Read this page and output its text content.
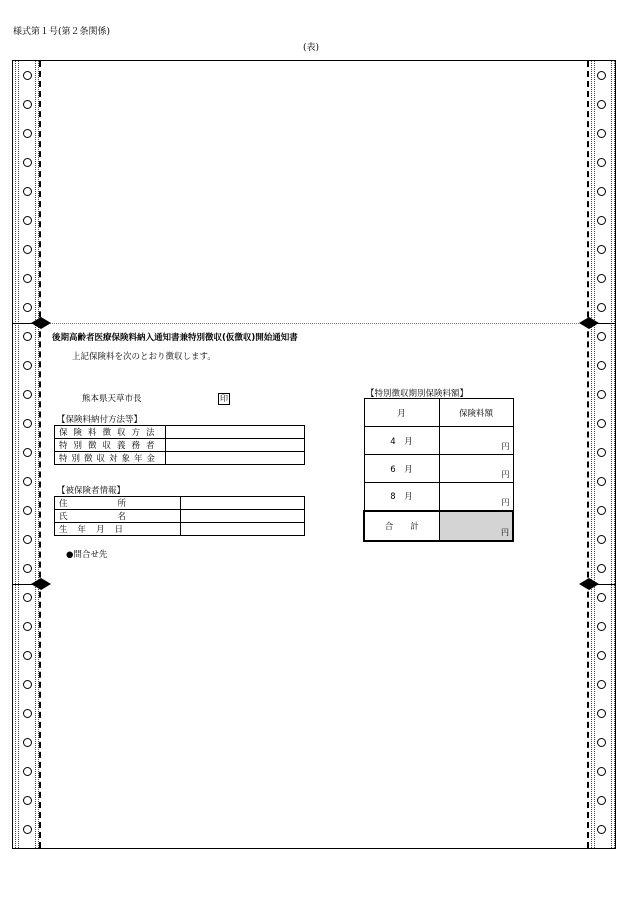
様式第１号(第２条関係)
(表)
後期高齢者医療保険料納入通知書兼特別徴収(仮徴収)開始通知書
上記保険料を次のとおり徴収します。
熊本県天草市長	印
【保険料納付方法等】
保険料徴収方法	
特別徴収義務者	
特別徴収対象年金	
【被保険者情報】
住所	
氏名	
生年月日	
●問合せ先
【特別徴収期別保険料額】
月	保険料額
4　月	円

6　月	円

8　月	円

合　　計	円
